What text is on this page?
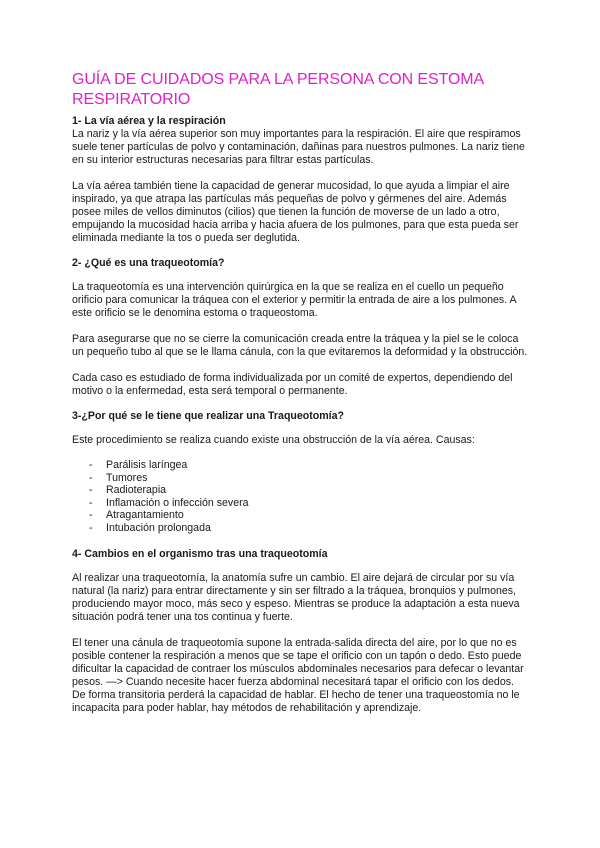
GUÍA DE CUIDADOS PARA LA PERSONA CON ESTOMA RESPIRATORIO
1- La vía aérea y la respiración

La nariz y la vía aérea superior son muy importantes para la respiración. El aire que respiramos suele tener partículas de polvo y contaminación, dañinas para nuestros pulmones. La nariz tiene en su interior estructuras necesarias para filtrar estas partículas.

La vía aérea también tiene la capacidad de generar mucosidad, lo que ayuda a limpiar el aire inspirado, ya que atrapa las partículas más pequeñas de polvo y gérmenes del aire. Además posee miles de vellos diminutos (cilios) que tienen la función de moverse de un lado a otro, empujando la mucosidad hacia arriba y hacia afuera de los pulmones, para que esta pueda ser eliminada mediante la tos o pueda ser deglutida.

2- ¿Qué es una traqueotomía?

La traqueotomía es una intervención quirúrgica en la que se realiza en el cuello un pequeño orificio para comunicar la tráquea con el exterior y permitir la entrada de aire a los pulmones. A este orificio se le denomina estoma o traqueostoma.

Para asegurarse que no se cierre la comunicación creada entre la tráquea y la piel se le coloca un pequeño tubo al que se le llama cánula, con la que evitaremos la deformidad y la obstrucción.

Cada caso es estudiado de forma individualizada por un comité de expertos, dependiendo del motivo o la enfermedad, esta será temporal o permanente.

3-¿Por qué se le tiene que realizar una Traqueotomía?

Este procedimiento se realiza cuando existe una obstrucción de la vía aérea. Causas:

- Parálisis laríngea
- Tumores
- Radioterapia
- Inflamación o infección severa
- Atragantamiento
- Intubación prolongada
4- Cambios en el organismo tras una traqueotomía

Al realizar una traqueotomía, la anatomía sufre un cambio. El aire dejará de circular por su vía natural (la nariz) para entrar directamente y sin ser filtrado a la tráquea, bronquios y pulmones, produciendo mayor moco, más seco y espeso. Mientras se produce la adaptación a esta nueva situación podrá tener una tos continua y fuerte.

El tener una cánula de traqueotomía supone la entrada-salida directa del aire, por lo que no es posible contener la respiración a menos que se tape el orificio con un tapón o dedo. Esto puede dificultar la capacidad de contraer los músculos abdominales necesarios para defecar o levantar pesos. —> Cuando necesite hacer fuerza abdominal necesitará tapar el orificio con los dedos. De forma transitoria perderá la capacidad de hablar. El hecho de tener una traqueostomía no le incapacita para poder hablar, hay métodos de rehabilitación y aprendizaje.
